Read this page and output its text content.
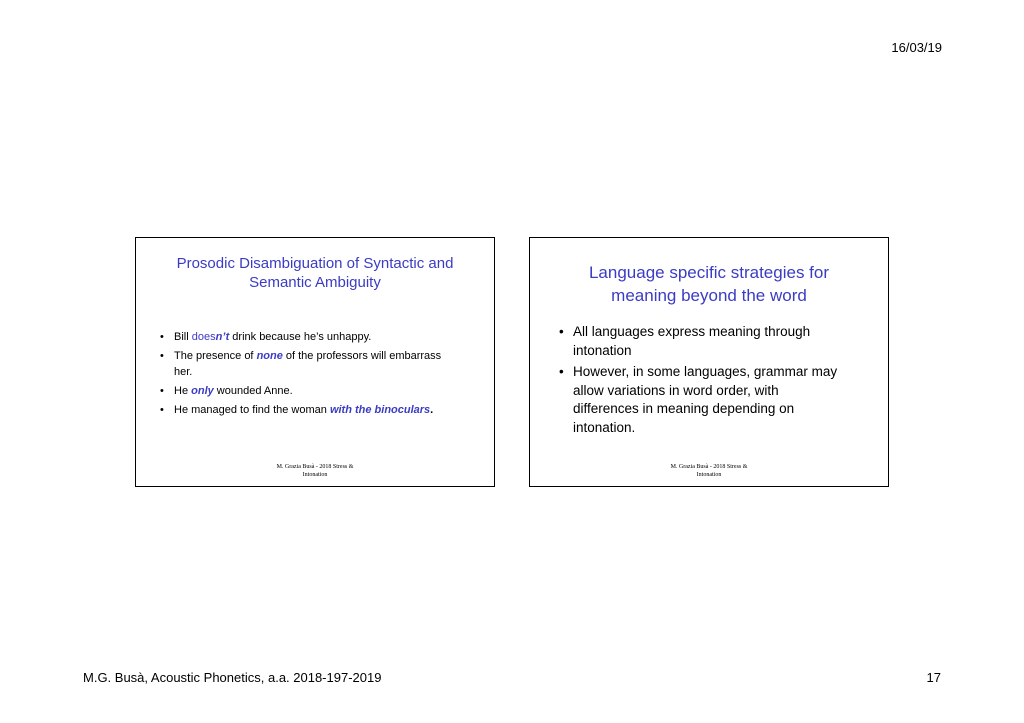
16/03/19
Prosodic Disambiguation of Syntactic and Semantic Ambiguity
• Bill doesn’t drink because he’s unhappy.
• The presence of none of the professors will embarrass her.
• He only wounded Anne.
• He managed to find the woman with the binoculars.
M. Grazia Busà - 2018 Stress &
Intonation
Language specific strategies for meaning beyond the word
• All languages express meaning through intonation
• However, in some languages, grammar may allow variations in word order, with differences in meaning depending on intonation.
M. Grazia Busà - 2018 Stress &
Intonation
M.G. Busà, Acoustic Phonetics, a.a. 2018-197-2019	17
